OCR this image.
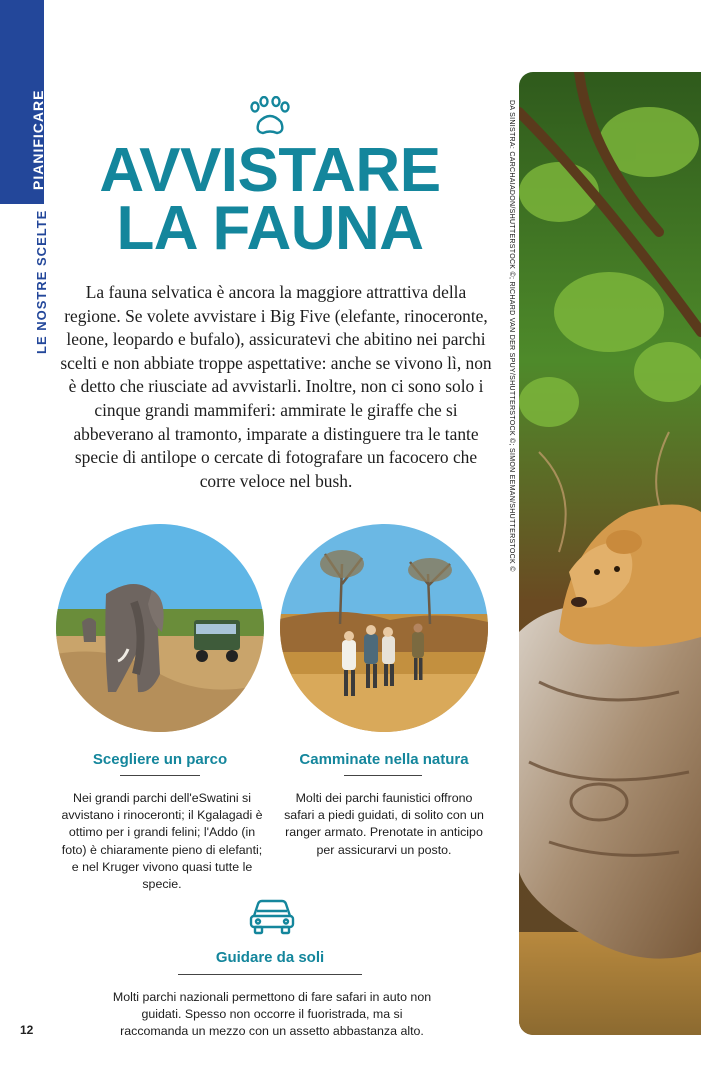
PIANIFICARE
LE NOSTRE SCELTE	DA SINISTRA: CARCHAIADON/SHUTTERSTOCK ©; RICHARD VAN DER SPUY/SHUTTERSTOCK ©; SIMON EEMAN/SHUTTERSTOCK ©
AVVISTARE
LA FAUNA

La fauna selvatica è ancora la maggiore attrattiva della regione. Se volete avvistare i Big Five (elefante, rinoceronte, leone, leopardo e bufalo), assicuratevi che abitino nei parchi scelti e non abbiate troppe aspettative: anche se vivono lì, non è detto che riusciate ad avvistarli. Inoltre, non ci sono solo i cinque grandi mammiferi: ammirate le giraffe che si abbeverano al tramonto, imparate a distinguere tra le tante specie di antilope o cercate di fotografare un facocero che corre veloce nel bush.

Scegliere un parco

Nei grandi parchi dell'eSwatini si avvistano i rinoceronti; il Kgalagadi è ottimo per i grandi felini; l'Addo (in foto) è chiaramente pieno di elefanti; e nel Kruger vivono quasi tutte le specie.

Camminate nella natura

Molti dei parchi faunistici offrono safari a piedi guidati, di solito con un ranger armato. Prenotate in anticipo per assicurarvi un posto.

Guidare da soli

Molti parchi nazionali permettono di fare safari in auto non guidati. Spesso non occorre il fuoristrada, ma si raccomanda un mezzo con un assetto abbastanza alto.

12
